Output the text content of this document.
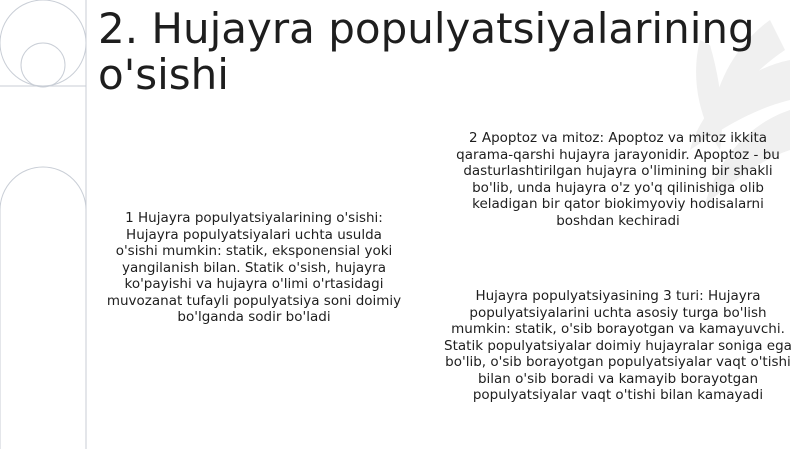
2. Hujayra populyatsiyalarining o'sishi
1 Hujayra populyatsiyalarining o'sishi: Hujayra populyatsiyalari uchta usulda o'sishi mumkin: statik, eksponensial yoki yangilanish bilan. Statik o'sish, hujayra ko'payishi va hujayra o'limi o'rtasidagi muvozanat tufayli populyatsiya soni doimiy bo'lganda sodir bo'ladi
2 Apoptoz va mitoz: Apoptoz va mitoz ikkita qarama-qarshi hujayra jarayonidir. Apoptoz - bu dasturlashtirilgan hujayra o'limining bir shakli bo'lib, unda hujayra o'z yo'q qilinishiga olib keladigan bir qator biokimyoviy hodisalarni boshdan kechiradi
Hujayra populyatsiyasining 3 turi: Hujayra populyatsiyalarini uchta asosiy turga bo'lish mumkin: statik, o'sib borayotgan va kamayuvchi. Statik populyatsiyalar doimiy hujayralar soniga ega bo'lib, o'sib borayotgan populyatsiyalar vaqt o'tishi bilan o'sib boradi va kamayib borayotgan populyatsiyalar vaqt o'tishi bilan kamayadi
